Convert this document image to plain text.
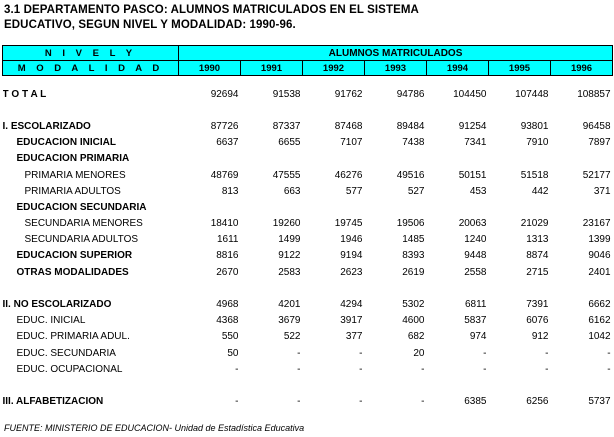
3.1 DEPARTAMENTO PASCO: ALUMNOS MATRICULADOS EN EL SISTEMA
EDUCATIVO, SEGUN NIVEL Y MODALIDAD: 1990-96.
N I V E L Y	ALUMNOS MATRICULADOS						
M O D A L I D A D	1990	1991	1992	1993	1994	1995	1996

T O T A L	92694	91538	91762	94786	104450	107448	108857

I. ESCOLARIZADO	87726	87337	87468	89484	91254	93801	96458
EDUCACION INICIAL	6637	6655	7107	7438	7341	7910	7897
EDUCACION PRIMARIA							
PRIMARIA MENORES	48769	47555	46276	49516	50151	51518	52177
PRIMARIA ADULTOS	813	663	577	527	453	442	371
EDUCACION SECUNDARIA							
SECUNDARIA MENORES	18410	19260	19745	19506	20063	21029	23167
SECUNDARIA ADULTOS	1611	1499	1946	1485	1240	1313	1399
EDUCACION SUPERIOR	8816	9122	9194	8393	9448	8874	9046
OTRAS MODALIDADES	2670	2583	2623	2619	2558	2715	2401

II. NO ESCOLARIZADO	4968	4201	4294	5302	6811	7391	6662
EDUC. INICIAL	4368	3679	3917	4600	5837	6076	6162
EDUC. PRIMARIA ADUL.	550	522	377	682	974	912	1042
EDUC. SECUNDARIA	50	-	-	20	-	-	-
EDUC. OCUPACIONAL	-	-	-	-	-	-	-

III. ALFABETIZACION	-	-	-	-	6385	6256	5737
FUENTE: MINISTERIO DE EDUCACION- Unidad de Estadística Educativa
